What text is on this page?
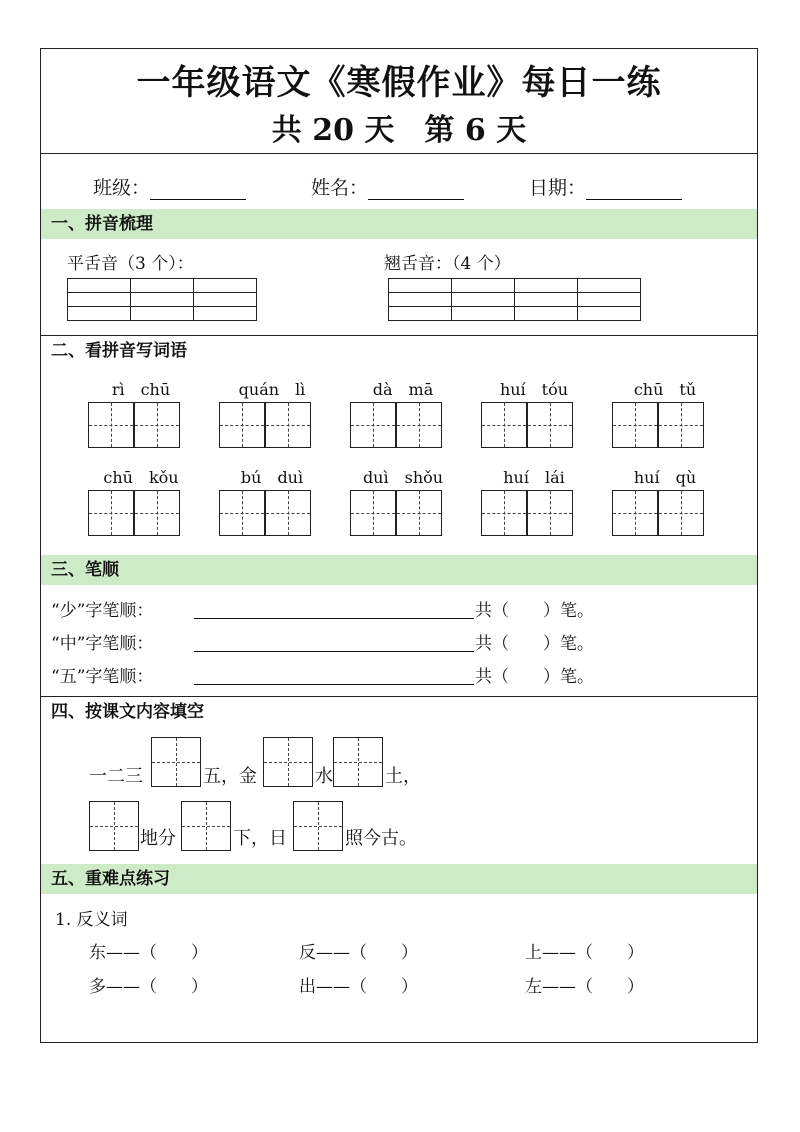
一年级语文《寒假作业》每日一练
共 20 天　第 6 天
班级：	姓名：	日期：
一、拼音梳理
平舌音（3 个）：	翘舌音：（4 个）

二、看拼音写词语
rì　chū	quán　lì	dà　mā	huí　tóu	chū　tǔ
chū　kǒu	bú　duì	duì　shǒu	huí　lái	huí　qù
三、笔顺
“少”字笔顺：	共（　　）笔。
“中”字笔顺：	共（　　）笔。
“五”字笔顺：	共（　　）笔。
四、按课文内容填空
一二三	五，金	水	土，
地分	下，日	照今古。
五、重难点练习
1. 反义词
东——（　　）	反——（　　）	上——（　　）
多——（　　）	出——（　　）	左——（　　）
